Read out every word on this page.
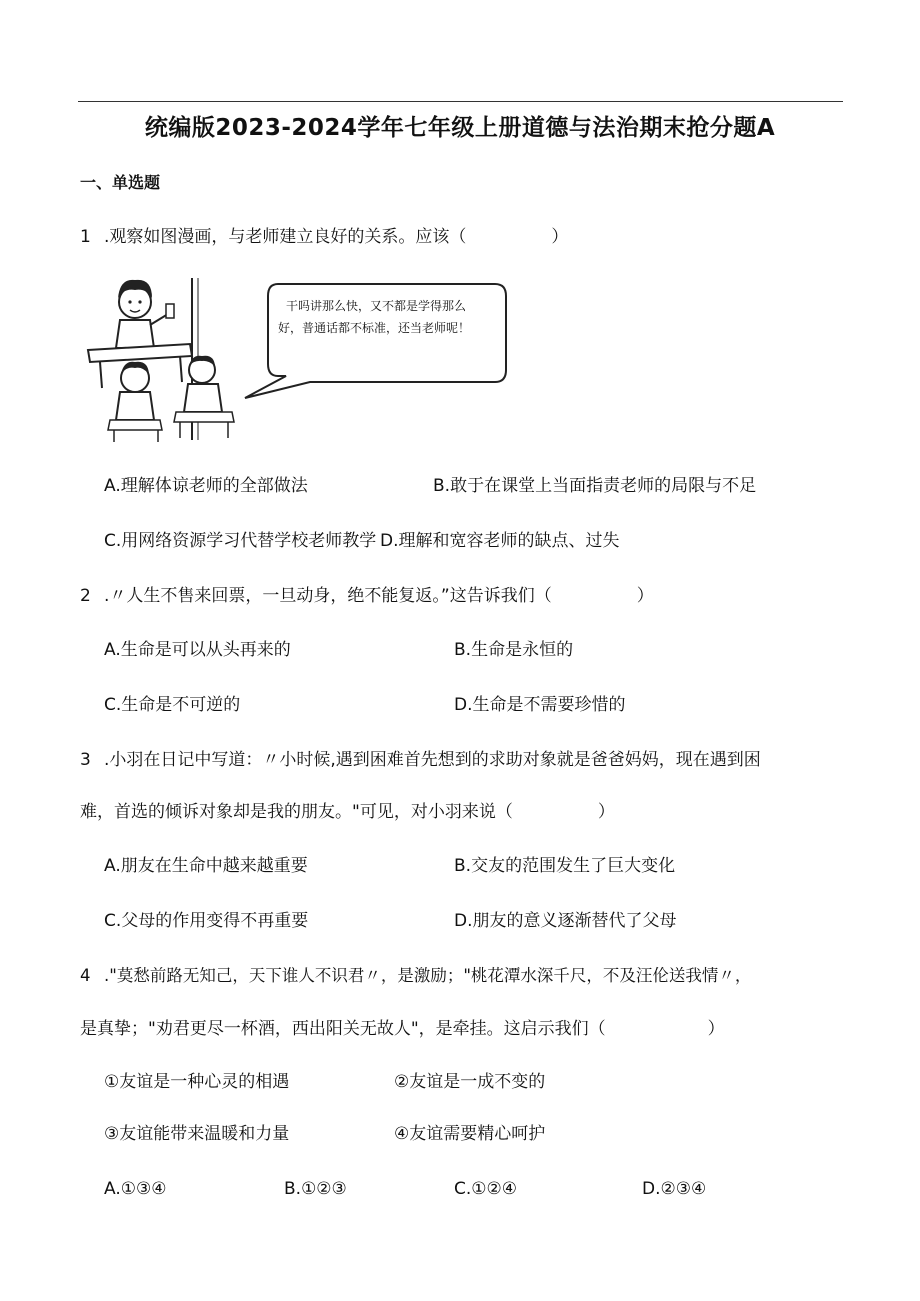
统编版2023-2024学年七年级上册道德与法治期末抢分题A
一、单选题
1 .观察如图漫画，与老师建立良好的关系。应该（　　　　　）
干吗讲那么快，又不都是学得那么
好，普通话都不标准，还当老师呢！
A.理解体谅老师的全部做法	B.敢于在课堂上当面指责老师的局限与不足
C.用网络资源学习代替学校老师教学 D.理解和宽容老师的缺点、过失
2 .〃人生不售来回票，一旦动身，绝不能复返。”这告诉我们（　　　　　）
A.生命是可以从头再来的	B.生命是永恒的
C.生命是不可逆的	D.生命是不需要珍惜的
3 .小羽在日记中写道：〃小时候,遇到困难首先想到的求助对象就是爸爸妈妈，现在遇到困
难，首选的倾诉对象却是我的朋友。"可见，对小羽来说（　　　　　）
A.朋友在生命中越来越重要	B.交友的范围发生了巨大变化
C.父母的作用变得不再重要	D.朋友的意义逐渐替代了父母
4 ."莫愁前路无知己，天下谁人不识君〃，是激励；"桃花潭水深千尺，不及汪伦送我情〃，
是真挚；"劝君更尽一杯酒，西出阳关无故人"，是牵挂。这启示我们（　　　　　　）
①友谊是一种心灵的相遇	②友谊是一成不变的
③友谊能带来温暖和力量	④友谊需要精心呵护
A.①③④	B.①②③	C.①②④	D.②③④
